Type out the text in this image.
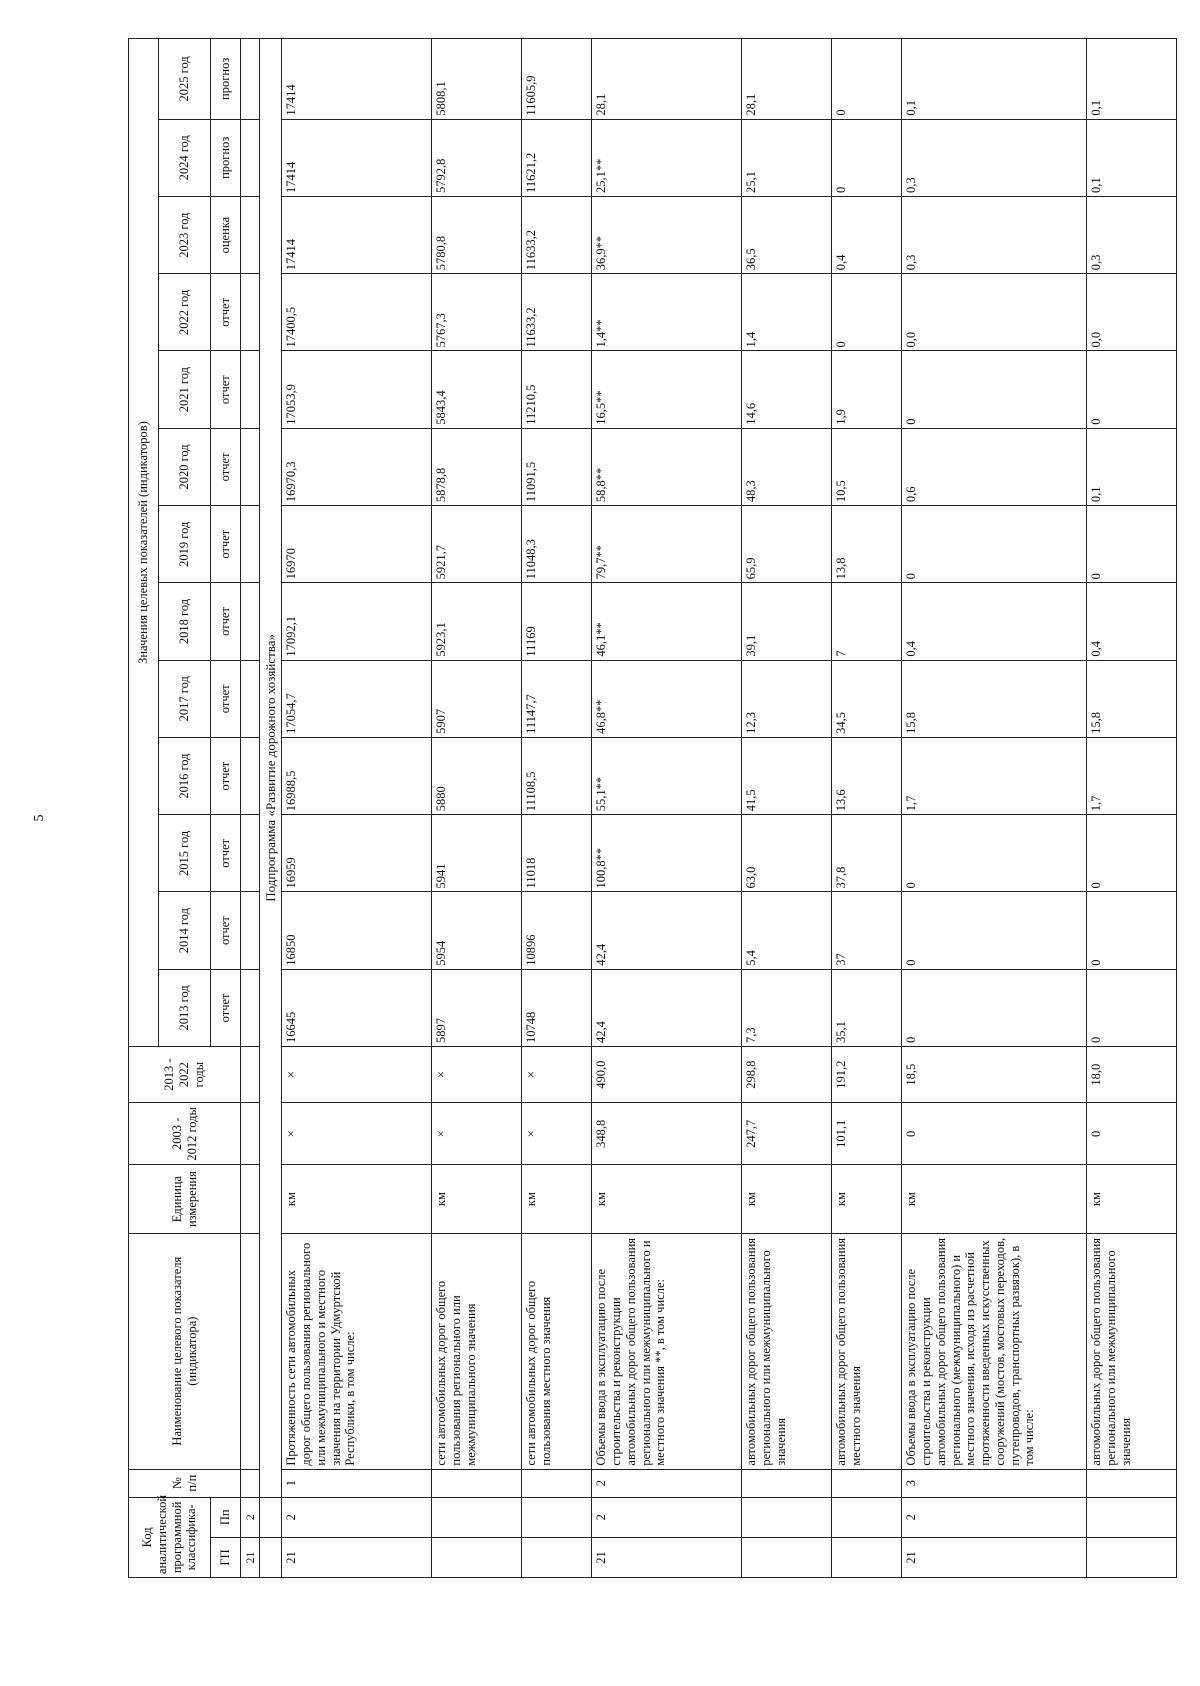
5
Код аналитической программной классифика-		№ п/п	Наименование целевого показателя (индикатора)	Единица измерения	2003 - 2012 годы	2013 - 2022 годы	Значения целевых показателей (индикаторов)												
							2013 год	2014 год	2015 год	2016 год	2017 год	2018 год	2019 год	2020 год	2021 год	2022 год	2023 год	2024 год	2025 год
ГП	Пп						отчет	отчет	отчет	отчет	отчет	отчет	отчет	отчет	отчет	отчет	оценка	прогноз	прогноз
21	2																		
		Подпрограмма «Развитие дорожного хозяйства»																	
21	2	1	Протяженность сети автомобильных дорог общего пользования регионального или межмуниципального и местного значения на территории Удмуртской Республики, в том числе:	км	×	×	16645	16850	16959	16988,5	17054,7	17092,1	16970	16970,3	17053,9	17400,5	17414	17414	17414
			сети автомобильных дорог общего пользования регионального или межмуниципального значения	км	×	×	5897	5954	5941	5880	5907	5923,1	5921,7	5878,8	5843,4	5767,3	5780,8	5792,8	5808,1
			сети автомобильных дорог общего пользования местного значения	км	×	×	10748	10896	11018	11108,5	11147,7	11169	11048,3	11091,5	11210,5	11633,2	11633,2	11621,2	11605,9
21	2	2	Объемы ввода в эксплуатацию после строительства и реконструкции автомобильных дорог общего пользования регионального или межмуниципального и местного значения **, в том числе:	км	348,8	490,0	42,4	42,4	100,8**	55,1**	46,8**	46,1**	79,7**	58,8**	16,5**	1,4**	36,9**	25,1**	28,1
			автомобильных дорог общего пользования регионального или межмуниципального значения	км	247,7	298,8	7,3	5,4	63,0	41,5	12,3	39,1	65,9	48,3	14,6	1,4	36,5	25,1	28,1
			автомобильных дорог общего пользования местного значения	км	101,1	191,2	35,1	37	37,8	13,6	34,5	7	13,8	10,5	1,9	0	0,4	0	0
21	2	3	Объемы ввода в эксплуатацию после строительства и реконструкции автомобильных дорог общего пользования регионального (межмуниципального) и местного значения, исходя из расчетной протяженности введенных искусственных сооружений (мостов, мостовых переходов, путепроводов, транспортных развязок), в том числе:	км	0	18,5	0	0	0	1,7	15,8	0,4	0	0,6	0	0,0	0,3	0,3	0,1
			автомобильных дорог общего пользования регионального или межмуниципального значения	км	0	18,0	0	0	0	1,7	15,8	0,4	0	0,1	0	0,0	0,3	0,1	0,1
